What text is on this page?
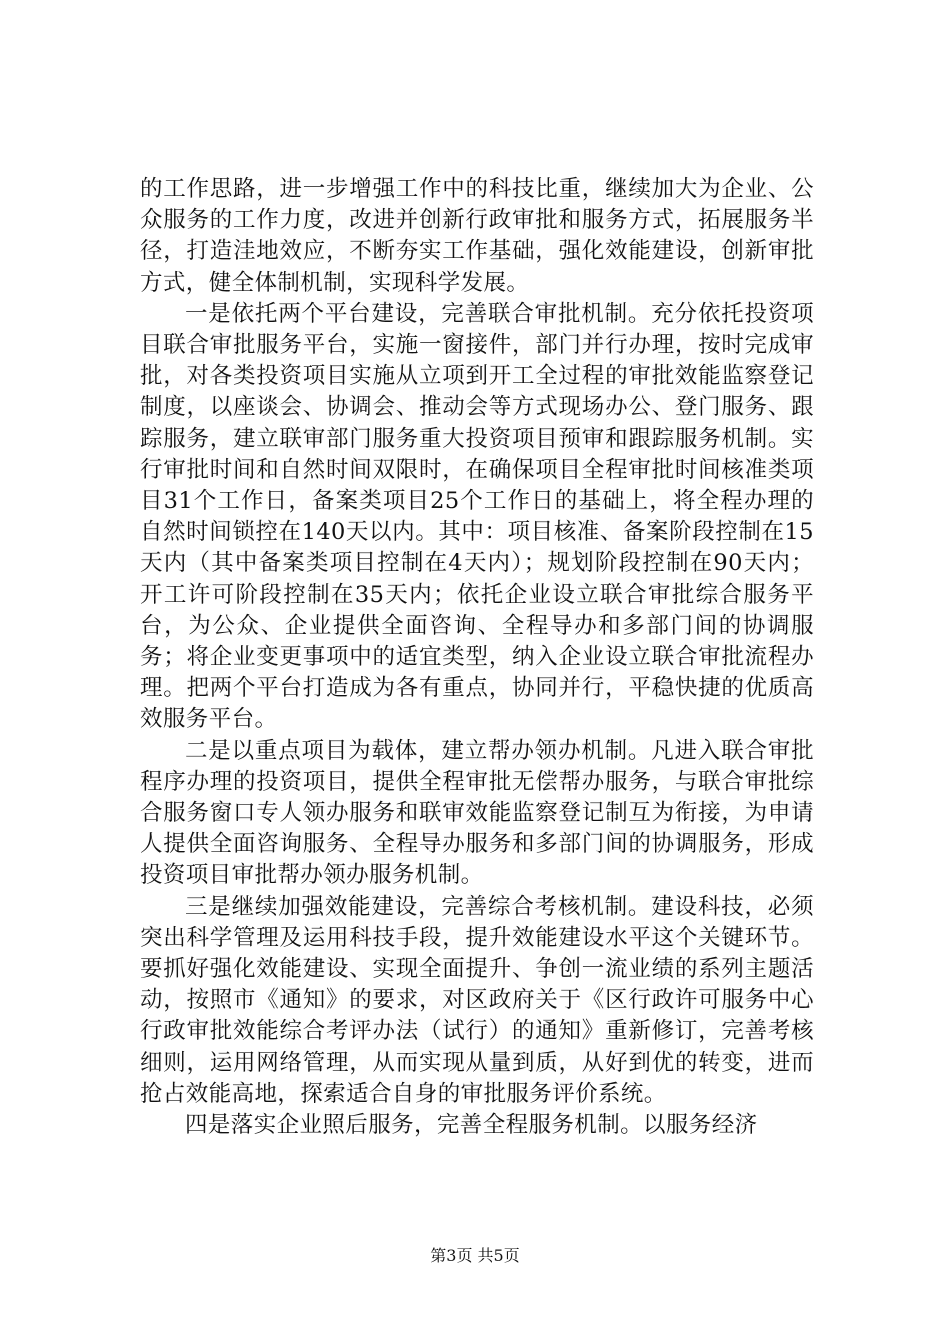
的工作思路，进一步增强工作中的科技比重，继续加大为企业、公众服务的工作力度，改进并创新行政审批和服务方式，拓展服务半径，打造洼地效应，不断夯实工作基础，强化效能建设，创新审批方式，健全体制机制，实现科学发展。

一是依托两个平台建设，完善联合审批机制。充分依托投资项目联合审批服务平台，实施一窗接件，部门并行办理，按时完成审批，对各类投资项目实施从立项到开工全过程的审批效能监察登记制度，以座谈会、协调会、推动会等方式现场办公、登门服务、跟踪服务，建立联审部门服务重大投资项目预审和跟踪服务机制。实行审批时间和自然时间双限时，在确保项目全程审批时间核准类项目31个工作日，备案类项目25个工作日的基础上，将全程办理的自然时间锁控在140天以内。其中：项目核准、备案阶段控制在15天内（其中备案类项目控制在4天内）；规划阶段控制在90天内；开工许可阶段控制在35天内；依托企业设立联合审批综合服务平台，为公众、企业提供全面咨询、全程导办和多部门间的协调服务；将企业变更事项中的适宜类型，纳入企业设立联合审批流程办理。把两个平台打造成为各有重点，协同并行，平稳快捷的优质高效服务平台。

二是以重点项目为载体，建立帮办领办机制。凡进入联合审批程序办理的投资项目，提供全程审批无偿帮办服务，与联合审批综合服务窗口专人领办服务和联审效能监察登记制互为衔接，为申请人提供全面咨询服务、全程导办服务和多部门间的协调服务，形成投资项目审批帮办领办服务机制。

三是继续加强效能建设，完善综合考核机制。建设科技，必须突出科学管理及运用科技手段，提升效能建设水平这个关键环节。要抓好强化效能建设、实现全面提升、争创一流业绩的系列主题活动，按照市《通知》的要求，对区政府关于《区行政许可服务中心行政审批效能综合考评办法（试行）的通知》重新修订，完善考核细则，运用网络管理，从而实现从量到质，从好到优的转变，进而抢占效能高地，探索适合自身的审批服务评价系统。

四是落实企业照后服务，完善全程服务机制。以服务经济

第3页 共5页
